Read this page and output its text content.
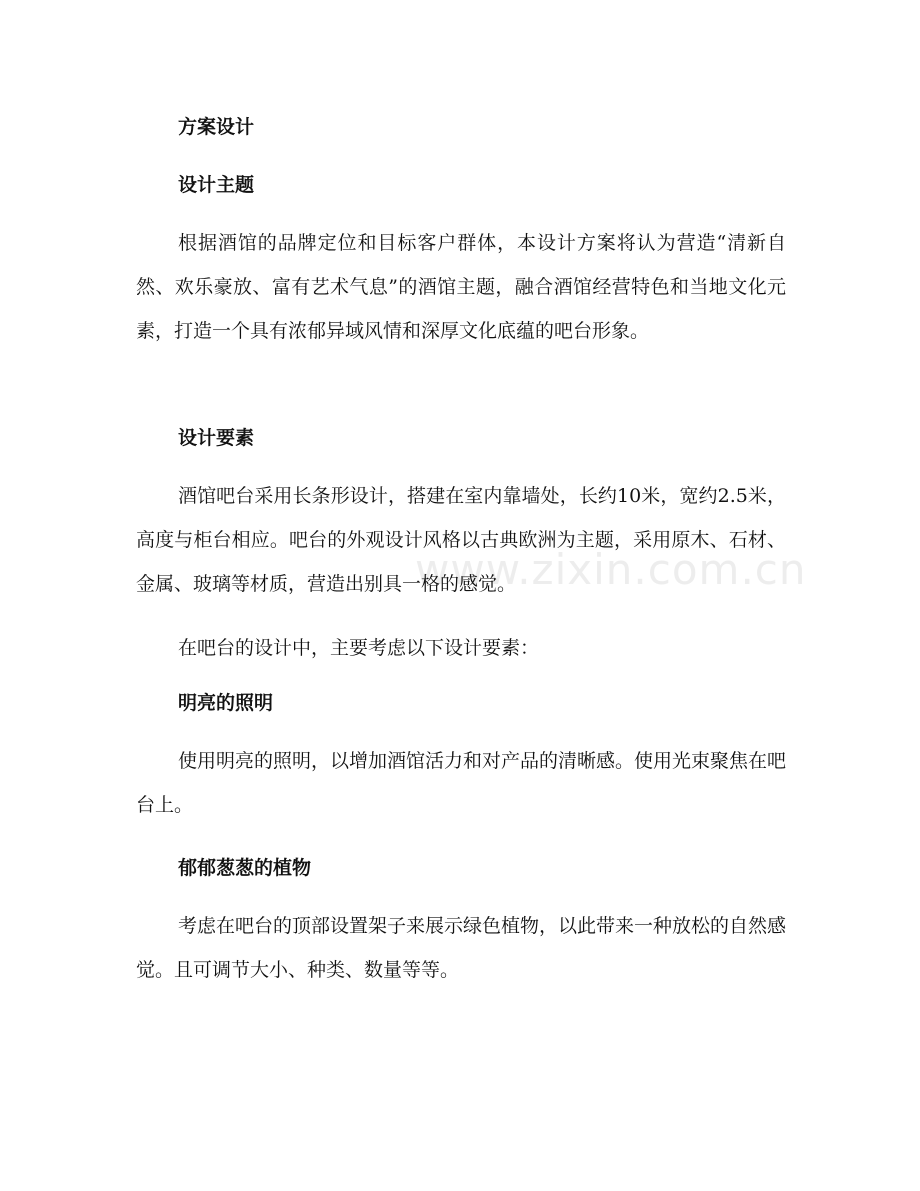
www.zixin.com.cn
方案设计
设计主题

根据酒馆的品牌定位和目标客户群体，本设计方案将认为营造“清新自然、欢乐豪放、富有艺术气息”的酒馆主题，融合酒馆经营特色和当地文化元素，打造一个具有浓郁异域风情和深厚文化底蕴的吧台形象。

设计要素

酒馆吧台采用长条形设计，搭建在室内靠墙处，长约10米，宽约2.5米，高度与柜台相应。吧台的外观设计风格以古典欧洲为主题，采用原木、石材、金属、玻璃等材质，营造出别具一格的感觉。

在吧台的设计中，主要考虑以下设计要素：

明亮的照明

使用明亮的照明，以增加酒馆活力和对产品的清晰感。使用光束聚焦在吧台上。

郁郁葱葱的植物

考虑在吧台的顶部设置架子来展示绿色植物，以此带来一种放松的自然感觉。且可调节大小、种类、数量等等。
